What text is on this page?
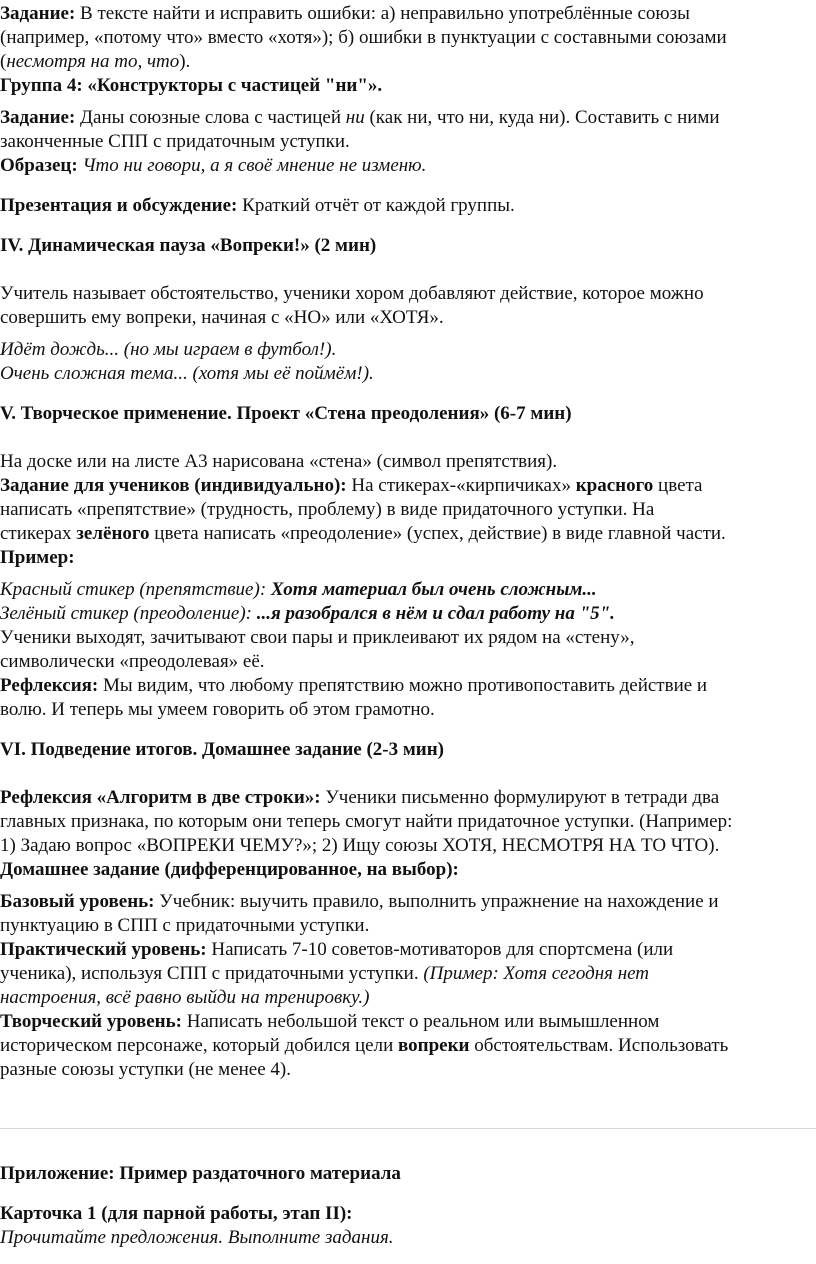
Задание: В тексте найти и исправить ошибки: а) неправильно употреблённые союзы
(например, «потому что» вместо «хотя»); б) ошибки в пунктуации с составными союзами
(несмотря на то, что).
Группа 4: «Конструкторы с частицей "ни"».
Задание: Даны союзные слова с частицей ни (как ни, что ни, куда ни). Составить с ними
законченные СПП с придаточным уступки.
Образец: Что ни говори, а я своё мнение не изменю.
Презентация и обсуждение: Краткий отчёт от каждой группы.
IV. Динамическая пауза «Вопреки!» (2 мин)
Учитель называет обстоятельство, ученики хором добавляют действие, которое можно
совершить ему вопреки, начиная с «НО» или «ХОТЯ».
Идёт дождь... (но мы играем в футбол!).
Очень сложная тема... (хотя мы её поймём!).
V. Творческое применение. Проект «Стена преодоления» (6-7 мин)
На доске или на листе А3 нарисована «стена» (символ препятствия).
Задание для учеников (индивидуально): На стикерах-«кирпичиках» красного цвета
написать «препятствие» (трудность, проблему) в виде придаточного уступки. На
стикерах зелёного цвета написать «преодоление» (успех, действие) в виде главной части.
Пример:
Красный стикер (препятствие): Хотя материал был очень сложным...
Зелёный стикер (преодоление): ...я разобрался в нём и сдал работу на "5".
Ученики выходят, зачитывают свои пары и приклеивают их рядом на «стену»,
символически «преодолевая» её.
Рефлексия: Мы видим, что любому препятствию можно противопоставить действие и
волю. И теперь мы умеем говорить об этом грамотно.
VI. Подведение итогов. Домашнее задание (2-3 мин)
Рефлексия «Алгоритм в две строки»: Ученики письменно формулируют в тетради два
главных признака, по которым они теперь смогут найти придаточное уступки. (Например:
1) Задаю вопрос «ВОПРЕКИ ЧЕМУ?»; 2) Ищу союзы ХОТЯ, НЕСМОТРЯ НА ТО ЧТО).
Домашнее задание (дифференцированное, на выбор):
Базовый уровень: Учебник: выучить правило, выполнить упражнение на нахождение и
пунктуацию в СПП с придаточными уступки.
Практический уровень: Написать 7-10 советов-мотиваторов для спортсмена (или
ученика), используя СПП с придаточными уступки. (Пример: Хотя сегодня нет
настроения, всё равно выйди на тренировку.)
Творческий уровень: Написать небольшой текст о реальном или вымышленном
историческом персонаже, который добился цели вопреки обстоятельствам. Использовать
разные союзы уступки (не менее 4).
Приложение: Пример раздаточного материала
Карточка 1 (для парной работы, этап II):
Прочитайте предложения. Выполните задания.
